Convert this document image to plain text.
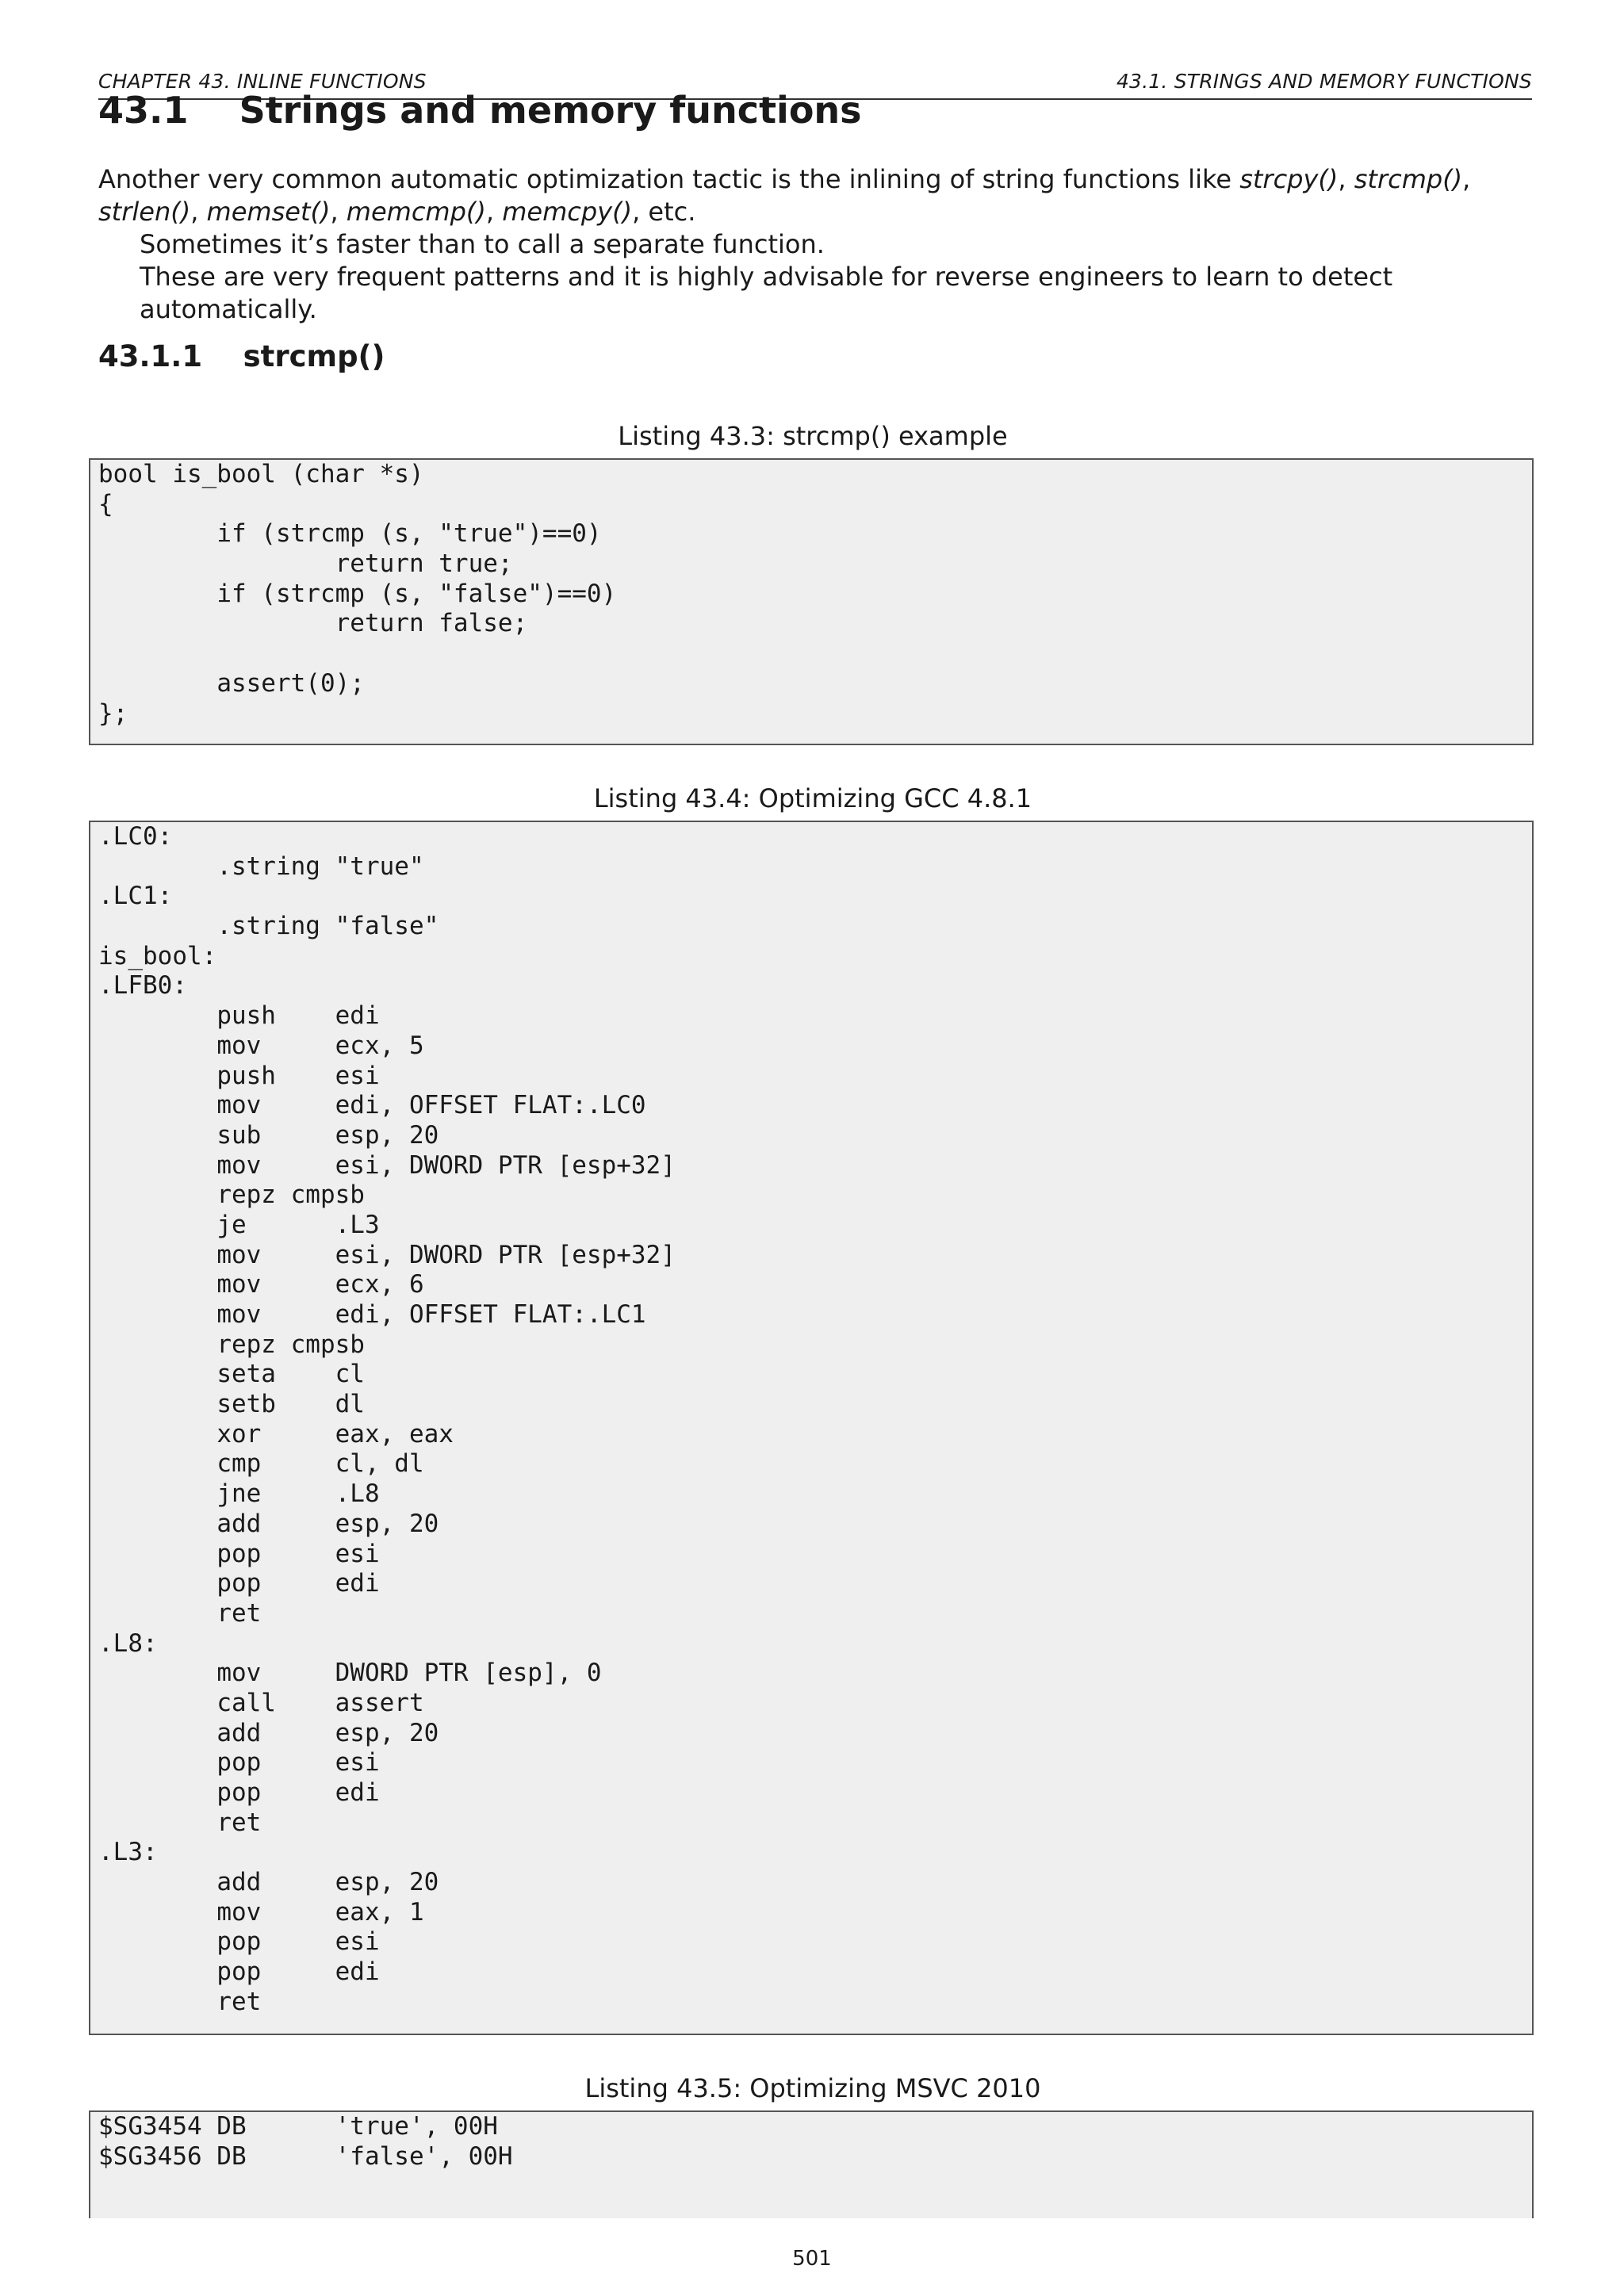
CHAPTER 43. INLINE FUNCTIONS	43.1. STRINGS AND MEMORY FUNCTIONS
43.1 Strings and memory functions

Another very common automatic optimization tactic is the inlining of string functions like strcpy(), strcmp(), strlen(), memset(), memcmp(), memcpy(), etc.

Sometimes it’s faster than to call a separate function.

These are very frequent patterns and it is highly advisable for reverse engineers to learn to detect automatically.

43.1.1 strcmp()
Listing 43.3: strcmp() example
bool is_bool (char *s)
{
	if (strcmp (s, "true")==0)
		return true;
	if (strcmp (s, "false")==0)
		return false;
	assert(0);
};
Listing 43.4: Optimizing GCC 4.8.1
.LC0:
	.string "true"
.LC1:
	.string "false"
is_bool:
.LFB0:
	push	edi
	mov	ecx, 5
	push	esi
	mov	edi, OFFSET FLAT:.LC0
	sub	esp, 20
	mov	esi, DWORD PTR [esp+32]
	repz cmpsb
	je	.L3
	mov	esi, DWORD PTR [esp+32]
	mov	ecx, 6
	mov	edi, OFFSET FLAT:.LC1
	repz cmpsb
	seta	cl
	setb	dl
	xor	eax, eax
	cmp	cl, dl
	jne	.L8
	add	esp, 20
	pop	esi
	pop	edi
	ret
.L8:
	mov	DWORD PTR [esp], 0
	call	assert
	add	esp, 20
	pop	esi
	pop	edi
	ret
.L3:
	add	esp, 20
	mov	eax, 1
	pop	esi
	pop	edi
	ret
Listing 43.5: Optimizing MSVC 2010
$SG3454 DB	'true', 00H
$SG3456 DB	'false', 00H
501
